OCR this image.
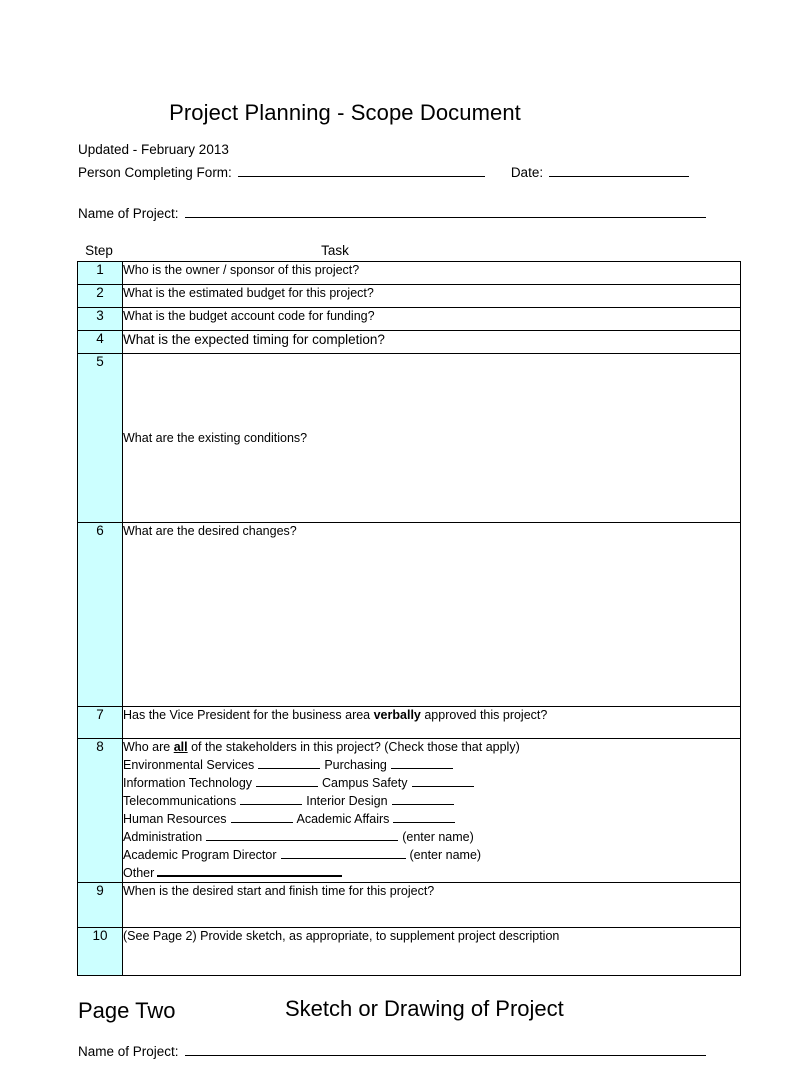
Project Planning - Scope Document
Updated - February 2013
Person Completing Form:	Date:
Name of Project:
Step	Task
1	Who is the owner / sponsor of this project?
2	What is the estimated budget for this project?
3	What is the budget account code for funding?
4	What is the expected timing for completion?
5	What are the existing conditions?
6	What are the desired changes?
7	Has the Vice President for the business area verbally approved this project?
8	Who are all of the stakeholders in this project? (Check those that apply)
Environmental Services	Purchasing
Information Technology	Campus Safety
Telecommunications	Interior Design
Human Resources	Academic Affairs
Administration	(enter name)
Academic Program Director	(enter name)
Other

9	When is the desired start and finish time for this project?
10	(See Page 2) Provide sketch, as appropriate, to supplement project description
Page Two	Sketch or Drawing of Project
Name of Project:
